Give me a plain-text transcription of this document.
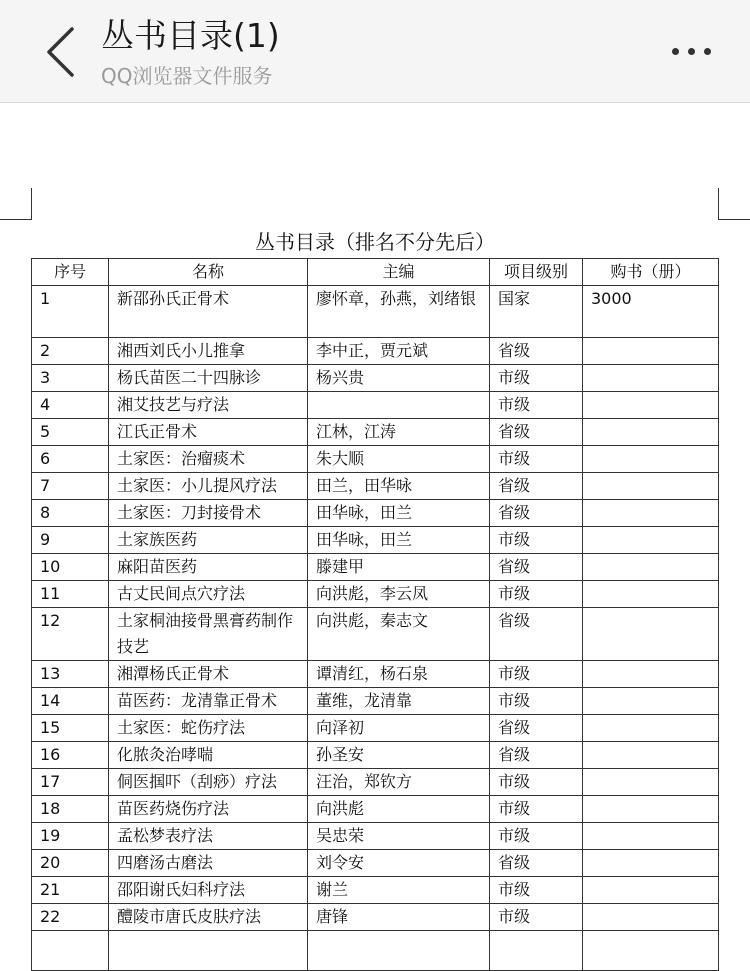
丛书目录(1)
QQ浏览器文件服务
丛书目录（排名不分先后）
序号	名称	主编	项目级别	购书（册）
1	新邵孙氏正骨术	廖怀章，孙燕，刘绪银	国家	3000
2	湘西刘氏小儿推拿	李中正，贾元斌	省级	
3	杨氏苗医二十四脉诊	杨兴贵	市级	
4	湘艾技艺与疗法		市级	
5	江氏正骨术	江林，江涛	省级	
6	土家医：治瘤痰术	朱大顺	市级	
7	土家医：小儿提风疗法	田兰，田华咏	省级	
8	土家医：刀封接骨术	田华咏，田兰	省级	
9	土家族医药	田华咏，田兰	市级	
10	麻阳苗医药	滕建甲	省级	
11	古丈民间点穴疗法	向洪彪，李云凤	市级	
12	土家桐油接骨黑膏药制作技艺	向洪彪，秦志文	省级	
13	湘潭杨氏正骨术	谭清红，杨石泉	市级	
14	苗医药：龙清靠正骨术	董维，龙清靠	市级	
15	土家医：蛇伤疗法	向泽初	省级	
16	化脓灸治哮喘	孙圣安	省级	
17	侗医掴吓（刮痧）疗法	汪治，郑钦方	市级	
18	苗医药烧伤疗法	向洪彪	市级	
19	孟松梦表疗法	吴忠荣	市级	
20	四磨汤古磨法	刘令安	省级	
21	邵阳谢氏妇科疗法	谢兰	市级	
22	醴陵市唐氏皮肤疗法	唐锋	市级	
